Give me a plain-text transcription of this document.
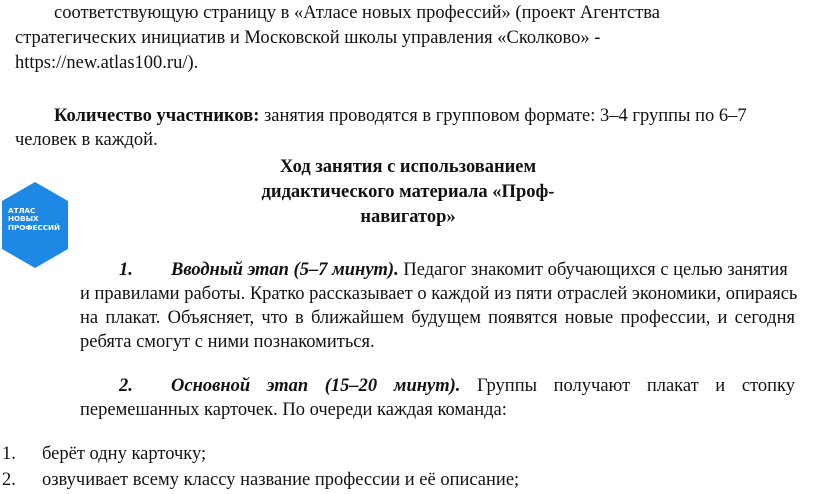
соответствующую страницу в «Атласе новых профессий» (проект Агентства
стратегических инициатив и Московской школы управления «Сколково» -
https://new.atlas100.ru/).
Количество участников: занятия проводятся в групповом формате: 3–4 группы по 6–7
человек в каждой.
Ход занятия с использованием
дидактического материала «Проф-
навигатор»
АТЛАС
НОВЫХ
ПРОФЕССИЙ
1. Вводный этап (5–7 минут). Педагог знакомит обучающихся с целью занятия
и правилами работы. Кратко рассказывает о каждой из пяти отраслей экономики, опираясь
на плакат. Объясняет, что в ближайшем будущем появятся новые профессии, и сегодня
ребята смогут с ними познакомиться.
2. Основной этап (15–20 минут). Группы получают плакат и стопку
перемешанных карточек. По очереди каждая команда:
1. берёт одну карточку;
2. озвучивает всему классу название профессии и её описание;
